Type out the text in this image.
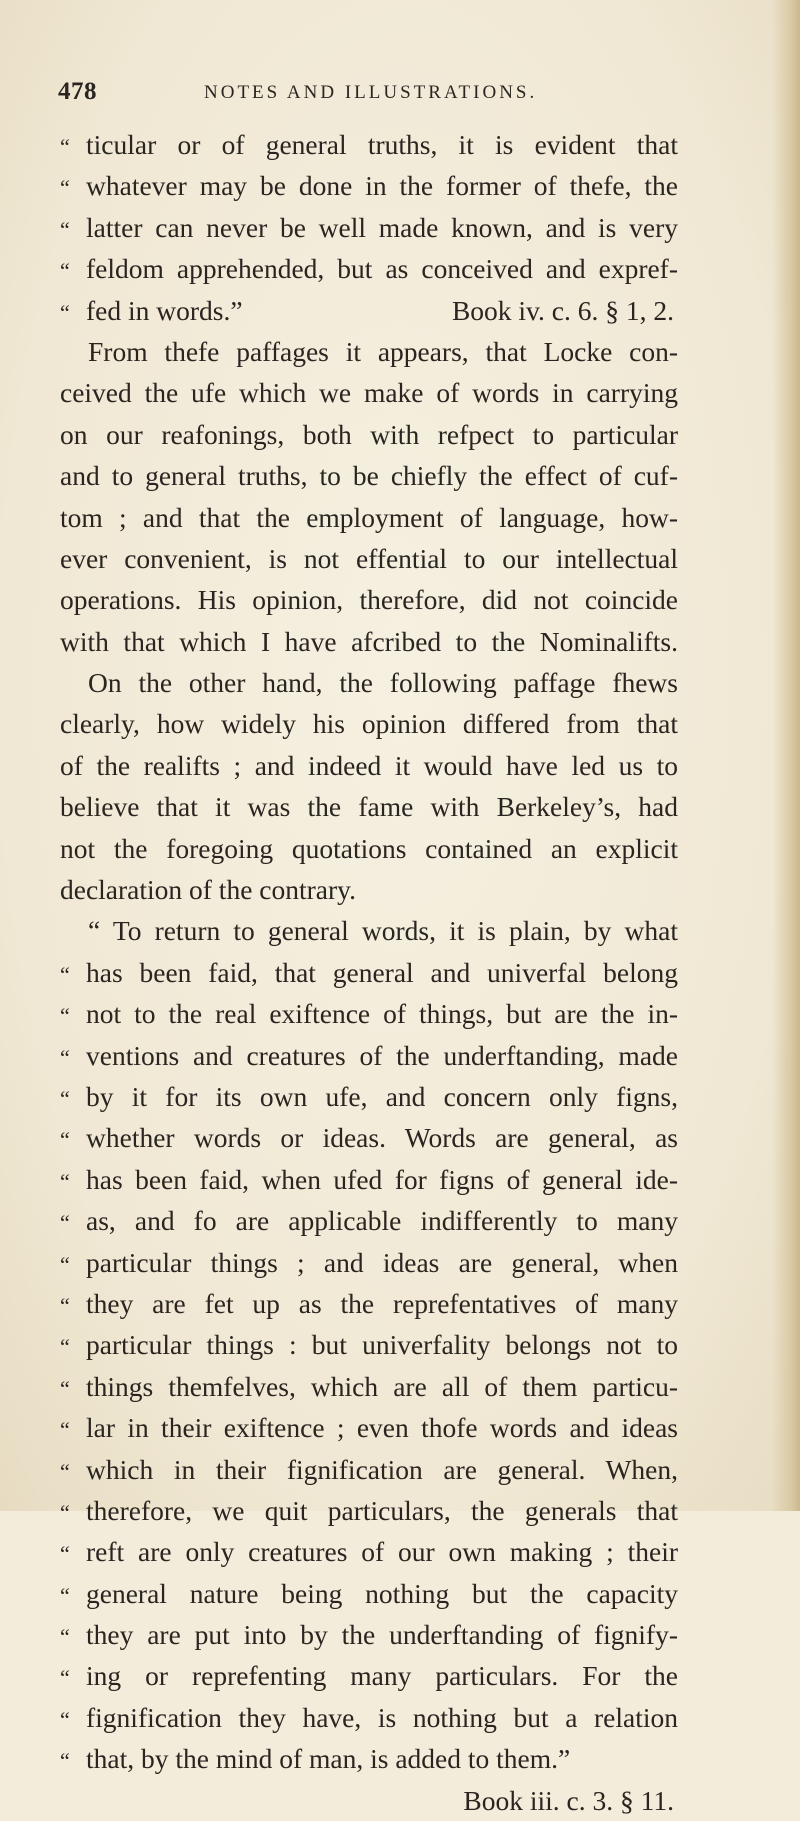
478	NOTES AND ILLUSTRATIONS.
“ ticular or of general truths, it is evident that
“ whatever may be done in the former of thefe, the
“ latter can never be well made known, and is very
“ feldom apprehended, but as conceived and expref-
“ fed in words.”	Book iv. c. 6. § 1, 2.
From thefe paffages it appears, that Locke con-
ceived the ufe which we make of words in carrying
on our reafonings, both with refpect to particular
and to general truths, to be chiefly the effect of cuf-
tom ; and that the employment of language, how-
ever convenient, is not effential to our intellectual
operations. His opinion, therefore, did not coincide
with that which I have afcribed to the Nominalifts.
On the other hand, the following paffage fhews
clearly, how widely his opinion differed from that
of the realifts ; and indeed it would have led us to
believe that it was the fame with Berkeley’s, had
not the foregoing quotations contained an explicit
declaration of the contrary.
“ To return to general words, it is plain, by what
“ has been faid, that general and univerfal belong
“ not to the real exiftence of things, but are the in-
“ ventions and creatures of the underftanding, made
“ by it for its own ufe, and concern only figns,
“ whether words or ideas. Words are general, as
“ has been faid, when ufed for figns of general ide-
“ as, and fo are applicable indifferently to many
“ particular things ; and ideas are general, when
“ they are fet up as the reprefentatives of many
“ particular things : but univerfality belongs not to
“ things themfelves, which are all of them particu-
“ lar in their exiftence ; even thofe words and ideas
“ which in their fignification are general. When,
“ therefore, we quit particulars, the generals that
“ reft are only creatures of our own making ; their
“ general nature being nothing but the capacity
“ they are put into by the underftanding of fignify-
“ ing or reprefenting many particulars. For the
“ fignification they have, is nothing but a relation
“ that, by the mind of man, is added to them.”
Book iii. c. 3. § 11.
